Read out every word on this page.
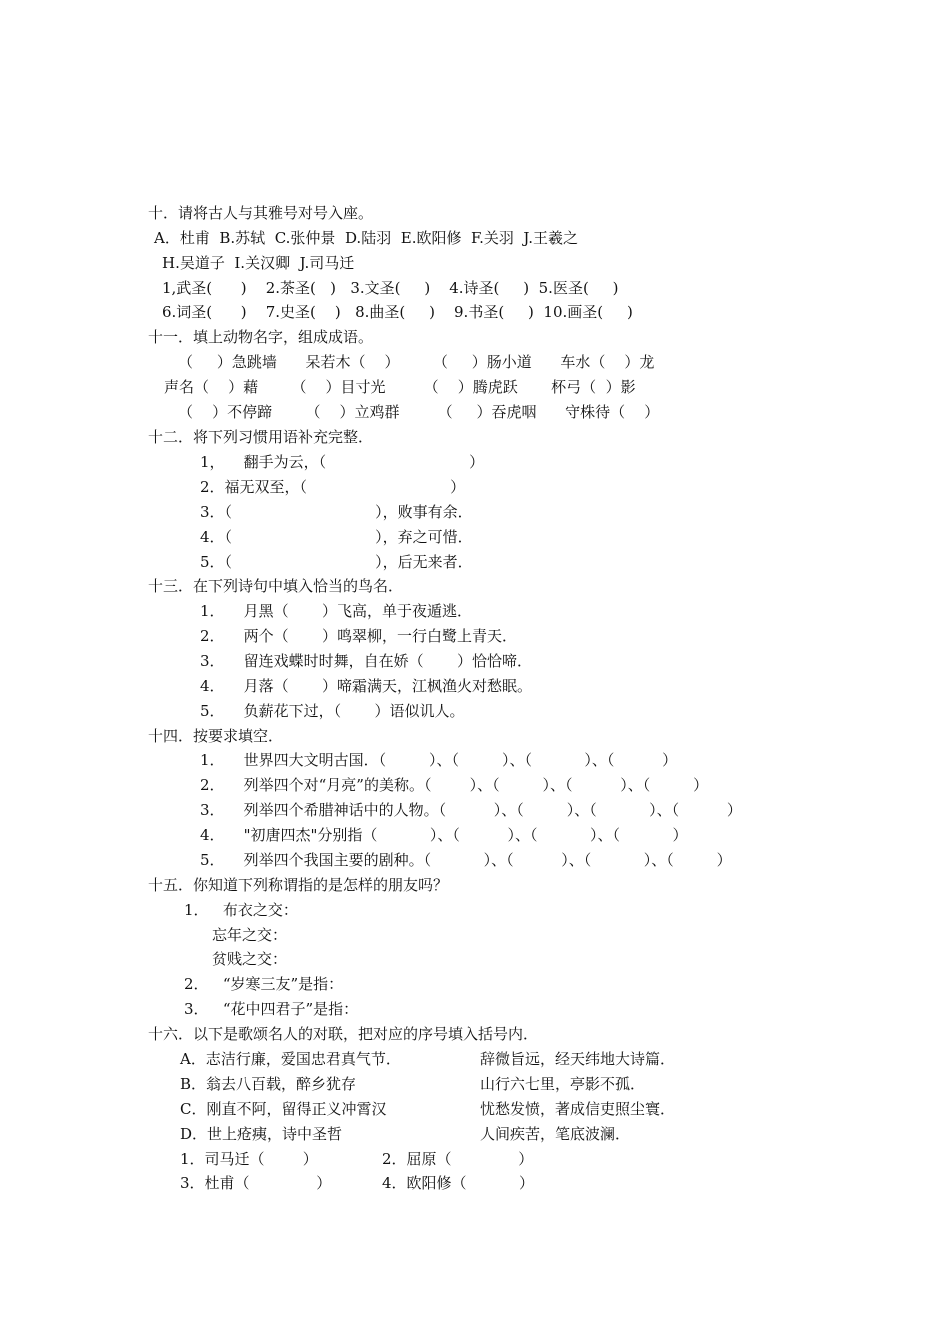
十．请将古人与其雅号对号入座。
A．杜甫  B.苏轼  C.张仲景  D.陆羽  E.欧阳修  F.关羽  J.王羲之
H.吴道子  I.关汉卿  J.司马迁
1,武圣(      )    2.茶圣(   )   3.文圣(     )    4.诗圣(     )  5.医圣(     )
6.词圣(      )    7.史圣(    )   8.曲圣(     )    9.书圣(     )  10.画圣(     )
十一．填上动物名字，组成成语。
（     ）急跳墙      呆若木（    ）       （     ）肠小道      车水（    ）龙
声名（    ）藉       （    ）目寸光        （    ）腾虎跃       杯弓（  ）影
（    ）不停蹄       （    ）立鸡群        （     ）吞虎咽      守株待（    ）
十二．将下列习惯用语补充完整．
1，    翻手为云，（                              ）
2．福无双至，（                              ）
3．（                              ），败事有余．
4．（                              ），弃之可惜．
5．（                              ），后无来者．
十三．在下列诗句中填入恰当的鸟名．
1．    月黑（       ）飞高，单于夜遁逃．
2．    两个（       ）鸣翠柳，一行白鹭上青天．
3．    留连戏蝶时时舞，自在娇（       ）恰恰啼．
4．    月落（       ）啼霜满天，江枫渔火对愁眠。
5．    负薪花下过，（       ）语似讥人。
十四．按要求填空．
1．    世界四大文明古国．（         ）、（         ）、（           ）、（          ）
2．    列举四个对“月亮”的美称。（        ）、（         ）、（          ）、（         ）
3．    列举四个希腊神话中的人物。（          ）、（         ）、（           ）、（          ）
4．    "初唐四杰"分别指（           ）、（          ）、（           ）、（           ）
5．    列举四个我国主要的剧种。（           ）、（          ）、（           ）、（         ）
十五．你知道下列称谓指的是怎样的朋友吗？
1．   布衣之交：
忘年之交：
贫贱之交：
2．   “岁寒三友”是指：
3．   “花中四君子”是指：
十六．以下是歌颂名人的对联，把对应的序号填入括号内．
A．志洁行廉，爱国忠君真气节．	辞微旨远，经天纬地大诗篇．
B．翁去八百载，醉乡犹存	山行六七里，亭影不孤．
C．刚直不阿，留得正义冲霄汉	忧愁发愤，著成信吏照尘寰．
D．世上疮痍，诗中圣哲	人间疾苦，笔底波澜．
1．司马迁（        ）	2．屈原（              ）
3．杜甫（              ）	4．欧阳修（           ）
